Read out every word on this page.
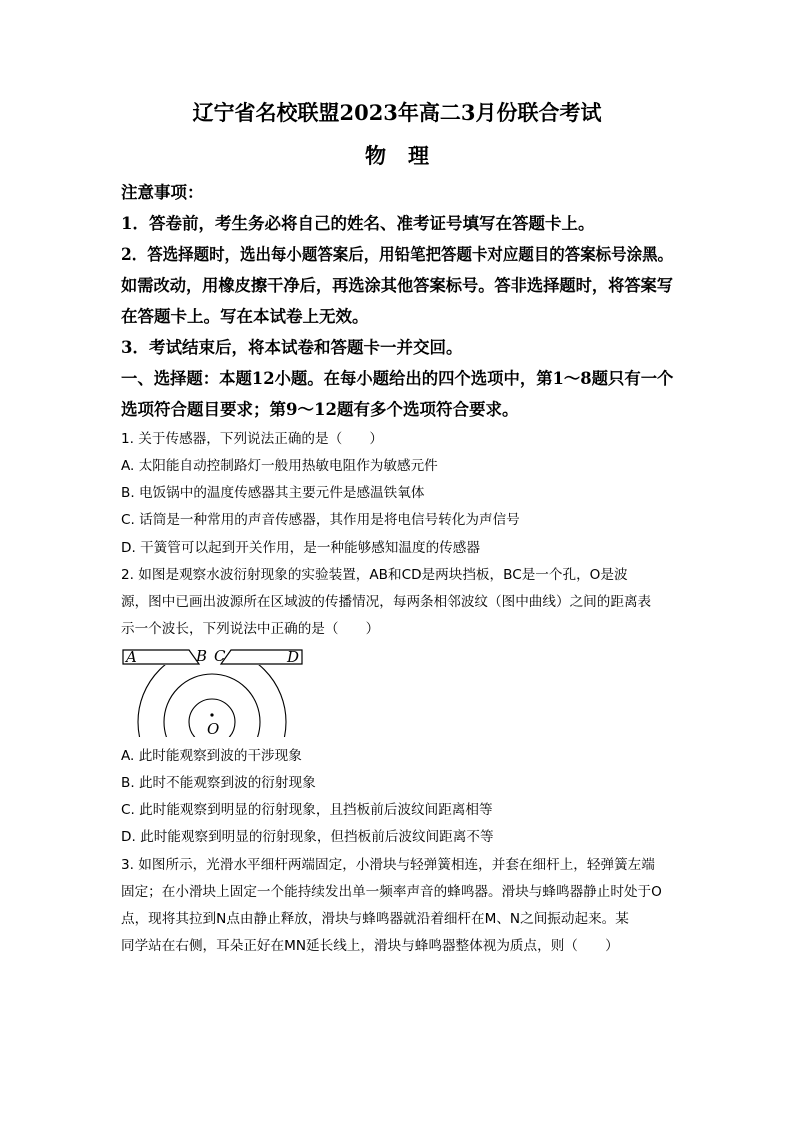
辽宁省名校联盟2023年高二3月份联合考试
物理
注意事项：
1．答卷前，考生务必将自己的姓名、准考证号填写在答题卡上。
2．答选择题时，选出每小题答案后，用铅笔把答题卡对应题目的答案标号涂黑。
如需改动，用橡皮擦干净后，再选涂其他答案标号。答非选择题时，将答案写
在答题卡上。写在本试卷上无效。
3．考试结束后，将本试卷和答题卡一并交回。
一、选择题：本题12小题。在每小题给出的四个选项中，第1～8题只有一个
选项符合题目要求；第9～12题有多个选项符合要求。
1. 关于传感器，下列说法正确的是（　　）
A. 太阳能自动控制路灯一般用热敏电阻作为敏感元件
B. 电饭锅中的温度传感器其主要元件是感温铁氧体
C. 话筒是一种常用的声音传感器，其作用是将电信号转化为声信号
D. 干簧管可以起到开关作用，是一种能够感知温度的传感器
2. 如图是观察水波衍射现象的实验装置，AB和CD是两块挡板，BC是一个孔，O是波
源，图中已画出波源所在区域波的传播情况，每两条相邻波纹（图中曲线）之间的距离表
示一个波长，下列说法中正确的是（　　）
A	B C	D
O
A. 此时能观察到波的干涉现象
B. 此时不能观察到波的衍射现象
C. 此时能观察到明显的衍射现象，且挡板前后波纹间距离相等
D. 此时能观察到明显的衍射现象，但挡板前后波纹间距离不等
3. 如图所示，光滑水平细杆两端固定，小滑块与轻弹簧相连，并套在细杆上，轻弹簧左端
固定；在小滑块上固定一个能持续发出单一频率声音的蜂鸣器。滑块与蜂鸣器静止时处于O
点，现将其拉到N点由静止释放，滑块与蜂鸣器就沿着细杆在M、N之间振动起来。某
同学站在右侧，耳朵正好在MN延长线上，滑块与蜂鸣器整体视为质点，则（　　）
